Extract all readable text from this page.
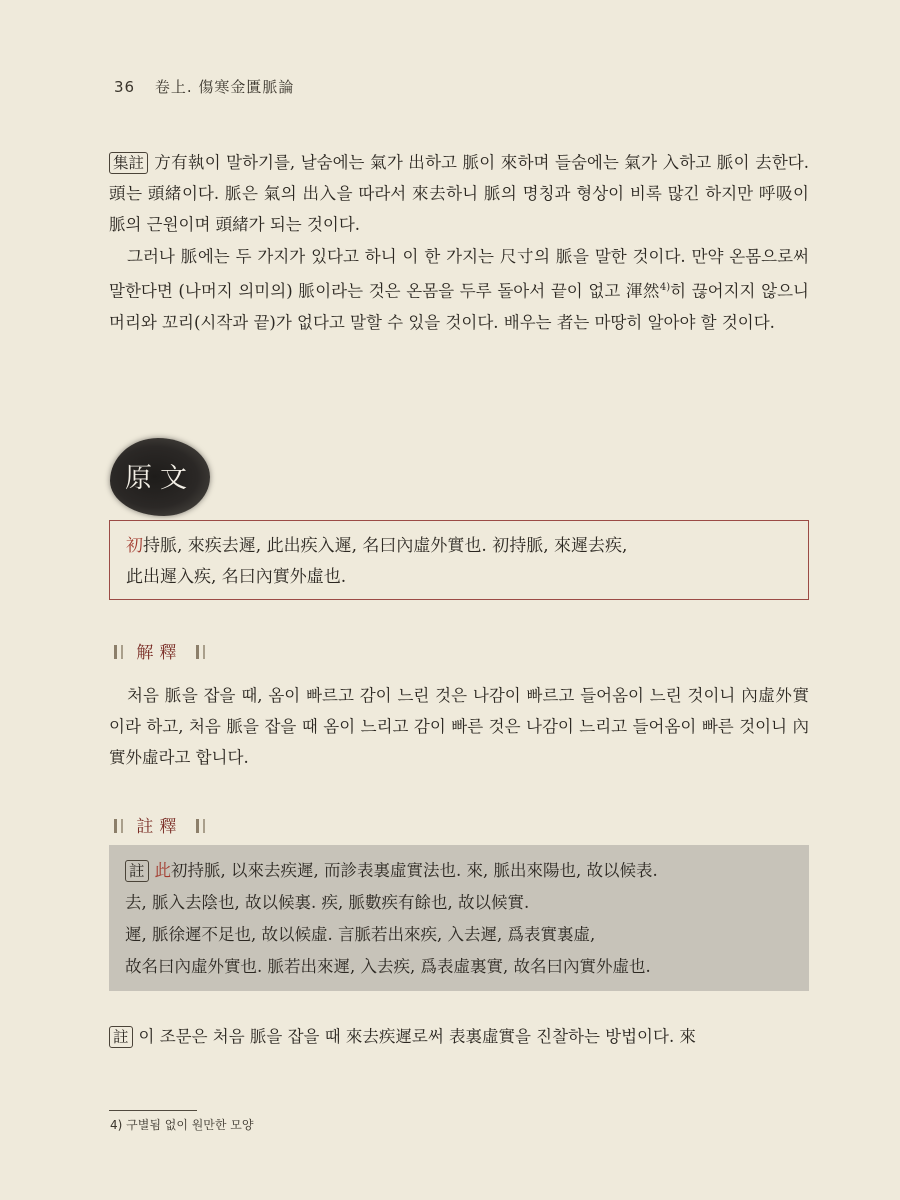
36 卷上. 傷寒金匱脈論

集註 方有執이 말하기를, 날숨에는 氣가 出하고 脈이 來하며 들숨에는 氣가 入하고 脈이 去한다. 頭는 頭緒이다. 脈은 氣의 出入을 따라서 來去하니 脈의 명칭과 형상이 비록 많긴 하지만 呼吸이 脈의 근원이며 頭緒가 되는 것이다.

그러나 脈에는 두 가지가 있다고 하니 이 한 가지는 尺寸의 脈을 말한 것이다. 만약 온몸으로써 말한다면 (나머지 의미의) 脈이라는 것은 온몸을 두루 돌아서 끝이 없고 渾然$^{4)}$히 끊어지지 않으니 머리와 꼬리(시작과 끝)가 없다고 말할 수 있을 것이다. 배우는 者는 마땅히 알아야 할 것이다.

原文
初持脈, 來疾去遲, 此出疾入遲, 名曰內虛外實也. 初持脈, 來遲去疾,
此出遲入疾, 名曰內實外虛也.
解釋

처음 脈을 잡을 때, 옴이 빠르고 감이 느린 것은 나감이 빠르고 들어옴이 느린 것이니 內虛外實이라 하고, 처음 脈을 잡을 때 옴이 느리고 감이 빠른 것은 나감이 느리고 들어옴이 빠른 것이니 內實外虛라고 합니다.

註釋
註 此初持脈, 以來去疾遲, 而診表裏虛實法也. 來, 脈出來陽也, 故以候表.
去, 脈入去陰也, 故以候裏. 疾, 脈數疾有餘也, 故以候實.
遲, 脈徐遲不足也, 故以候虛. 言脈若出來疾, 入去遲, 爲表實裏虛,
故名曰內虛外實也. 脈若出來遲, 入去疾, 爲表虛裏實, 故名曰內實外虛也.

註 이 조문은 처음 脈을 잡을 때 來去疾遲로써 表裏虛實을 진찰하는 방법이다. 來

4) 구별됨 없이 원만한 모양
